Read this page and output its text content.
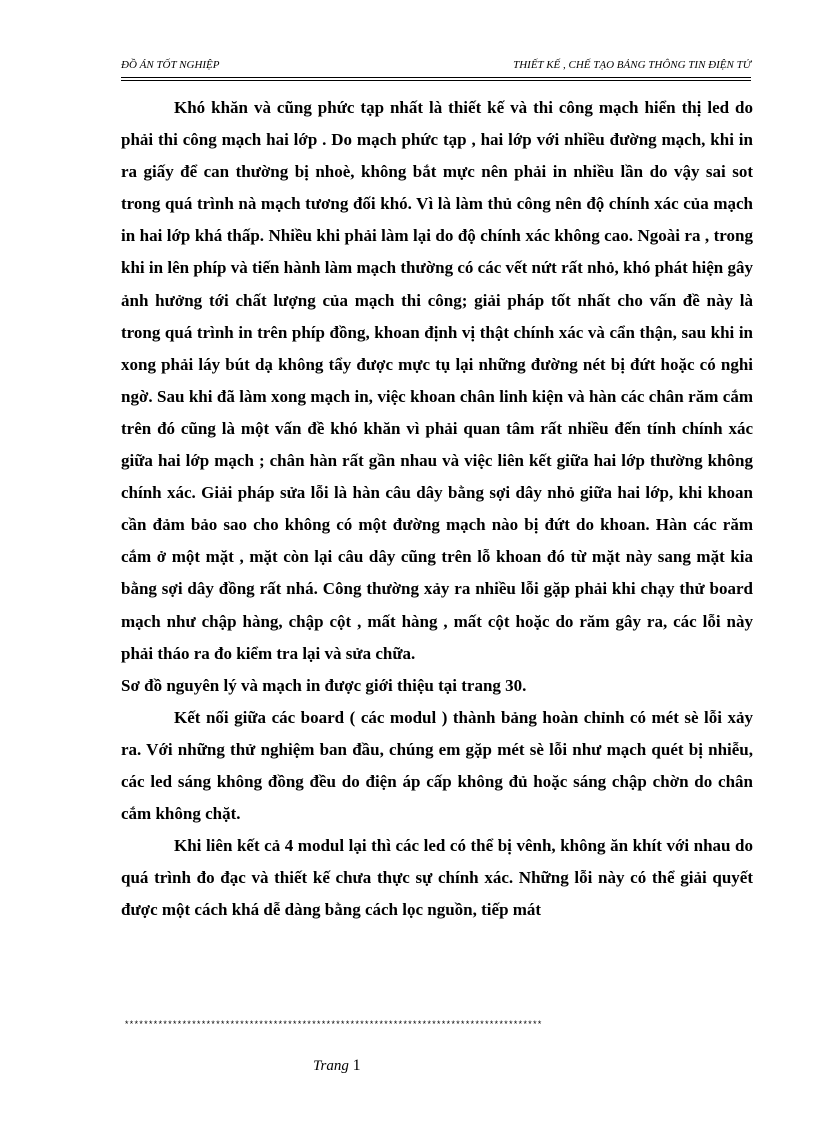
ĐỒ ÁN TỐT NGHIỆP	THIẾT KẾ , CHẾ TẠO BẢNG THÔNG TIN ĐIỆN TỬ

Khó khăn và cũng phức tạp nhất là thiết kế và thi công mạch hiển thị led do phải thi công mạch hai lớp . Do mạch phức tạp , hai lớp với nhiều đường mạch, khi in ra giấy để can thường bị nhoè, không bắt mực nên phải in nhiều lần do vậy sai sot trong quá trình nà mạch tương đối khó. Vì là làm thủ công nên độ chính xác của mạch in hai lớp khá thấp. Nhiều khi phải làm lại do độ chính xác không cao. Ngoài ra , trong khi in lên phíp và tiến hành làm mạch thường có các vết nứt rất nhỏ, khó phát hiện gây ảnh hưởng tới chất lượng của mạch thi công; giải pháp tốt nhất cho vấn đề này là trong quá trình in trên phíp đồng, khoan định vị thật chính xác và cẩn thận, sau khi in xong phải láy bút dạ không tẩy được mực tụ lại những đường nét bị đứt hoặc có nghi ngờ. Sau khi đã làm xong mạch in, việc khoan chân linh kiện và hàn các chân răm cắm trên đó cũng là một vấn đề khó khăn vì phải quan tâm rất nhiều đến tính chính xác giữa hai lớp mạch ; chân hàn rất gần nhau và việc liên kết giữa hai lớp thường không chính xác. Giải pháp sửa lỗi là hàn câu dây bằng sợi dây nhỏ giữa hai lớp, khi khoan cần đảm bảo sao cho không có một đường mạch nào bị đứt do khoan. Hàn các răm cắm ở một mặt , mặt còn lại câu dây cũng trên lỗ khoan đó từ mặt này sang mặt kia bằng sợi dây đồng rất nhá. Công thường xảy ra nhiều lỗi gặp phải khi chạy thử board mạch như chập hàng, chập cột , mất hàng , mất cột hoặc do răm gây ra, các lỗi này phải tháo ra đo kiểm tra lại và sửa chữa.

Sơ đồ nguyên lý và mạch in được giới thiệu tại trang 30.

Kết nối giữa các board ( các modul ) thành bảng hoàn chỉnh có mét sè lỗi xảy ra. Với những thử nghiệm ban đầu, chúng em gặp mét sè lỗi như mạch quét bị nhiễu, các led sáng không đồng đều do điện áp cấp không đủ hoặc sáng chập chờn do chân cắm không chặt.

Khi liên kết cả 4 modul lại thì các led có thể bị vênh, không ăn khít với nhau do quá trình đo đạc và thiết kế chưa thực sự chính xác. Những lỗi này có thể giải quyết được một cách khá dễ dàng bằng cách lọc nguồn, tiếp mát

***************************************************************************************
Trang 1
